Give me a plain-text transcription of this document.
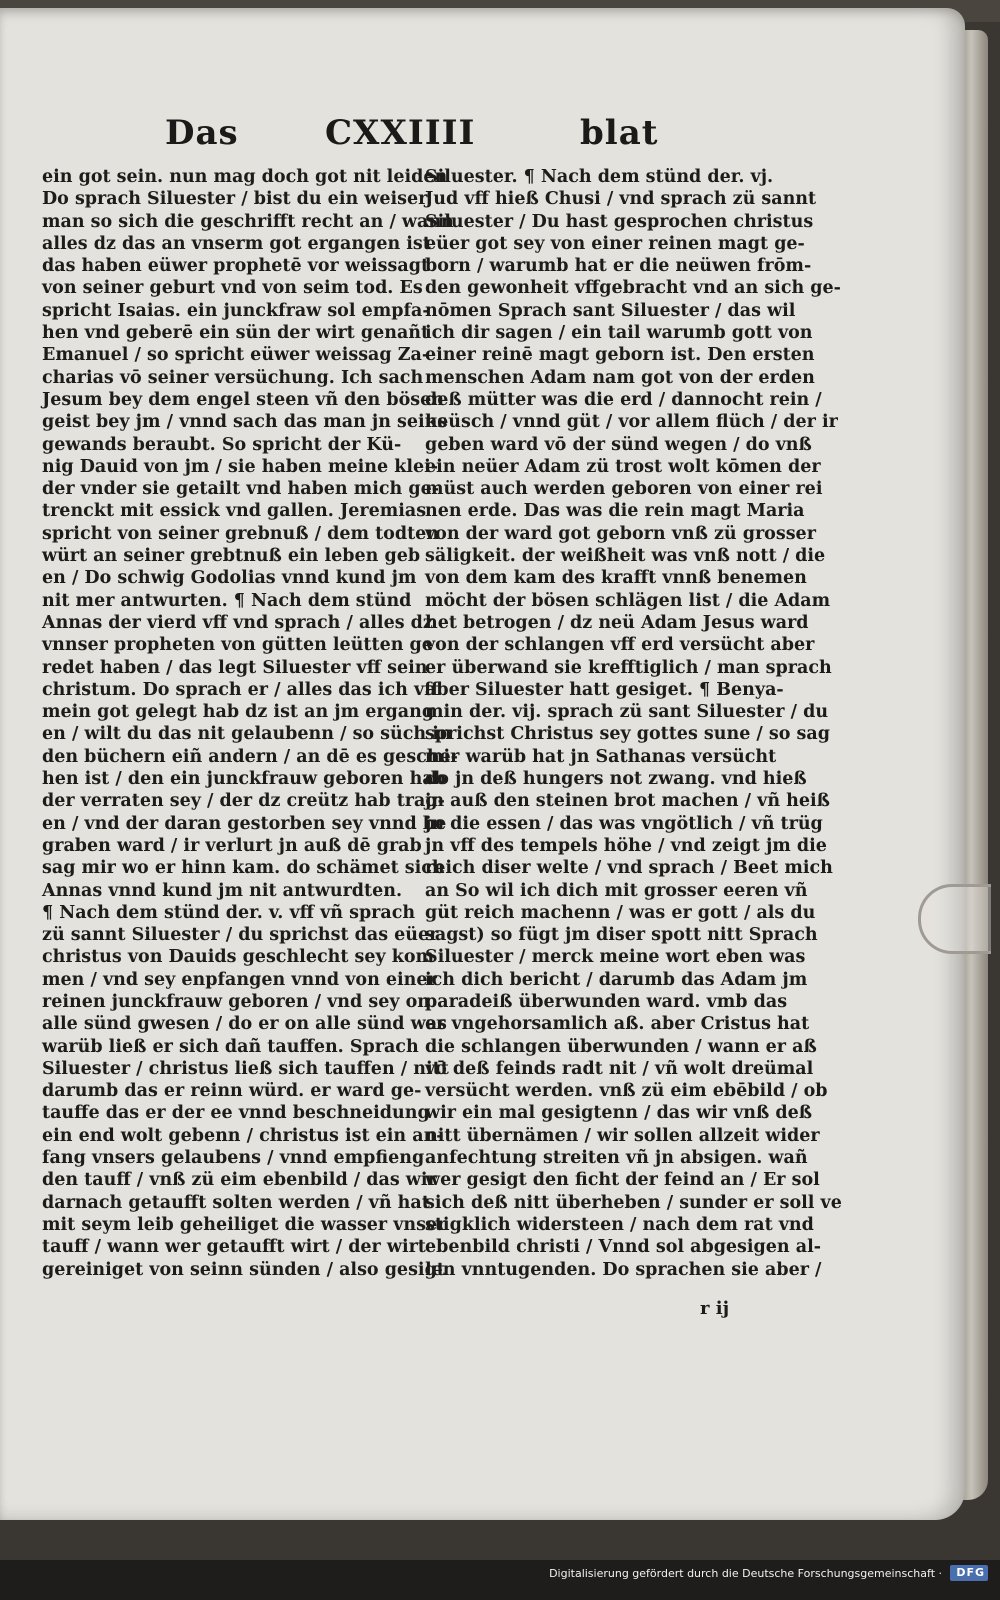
Das	CXXIIII	blat
ein got sein. nun mag doch got nit leiden
Do sprach Siluester / bist du ein weiser
man so sich die geschrifft recht an / wann
alles dz das an vnserm got ergangen ist
das haben eüwer prophetē vor weissagt
von seiner geburt vnd von seim tod. Es
spricht Isaias. ein junckfraw sol empfa-
hen vnd geberē ein sün der wirt genañt
Emanuel / so spricht eüwer weissag Za-
charias vō seiner versüchung. Ich sach
Jesum bey dem engel steen vñ den bösen
geist bey jm / vnnd sach das man jn seins
gewands beraubt. So spricht der Kü-
nig Dauid von jm / sie haben meine klei-
der vnder sie getailt vnd haben mich ge-
trenckt mit essick vnd gallen. Jeremias
spricht von seiner grebnuß / dem todten
würt an seiner grebtnuß ein leben geb
en / Do schwig Godolias vnnd kund jm
nit mer antwurten. ¶ Nach dem stünd
Annas der vierd vff vnd sprach / alles dz
vnnser propheten von gütten leütten ge
redet haben / das legt Siluester vff sein
christum. Do sprach er / alles das ich vff
mein got gelegt hab dz ist an jm ergang
en / wilt du das nit gelaubenn / so süch in
den büchern eiñ andern / an dē es gesche-
hen ist / den ein junckfrauw geboren hab
der verraten sey / der dz creütz hab trag-
en / vnd der daran gestorben sey vnnd be
graben ward / ir verlurt jn auß dē grab
sag mir wo er hinn kam. do schämet sich
Annas vnnd kund jm nit antwurdten.
¶ Nach dem stünd der. v. vff vñ sprach
zü sannt Siluester / du sprichst das eüer
christus von Dauids geschlecht sey kom
men / vnd sey enpfangen vnnd von einer
reinen junckfrauw geboren / vnd sey on
alle sünd gwesen / do er on alle sünd was
warüb ließ er sich dañ tauffen. Sprach
Siluester / christus ließ sich tauffen / nitt
darumb das er reinn würd. er ward ge-
tauffe das er der ee vnnd beschneidung
ein end wolt gebenn / christus ist ein an-
fang vnsers gelaubens / vnnd empfieng
den tauff / vnß zü eim ebenbild / das wir
darnach getaufft solten werden / vñ hat
mit seym leib geheiliget die wasser vnser
tauff / wann wer getaufft wirt / der wirt
gereiniget von seinn sünden / also gesigt
Siluester. ¶ Nach dem stünd der. vj.
Jud vff hieß Chusi / vnd sprach zü sannt
Siluester / Du hast gesprochen christus
eüer got sey von einer reinen magt ge-
born / warumb hat er die neüwen frōm-
den gewonheit vffgebracht vnd an sich ge-
nōmen Sprach sant Siluester / das wil
ich dir sagen / ein tail warumb gott von
einer reinē magt geborn ist. Den ersten
menschen Adam nam got von der erden
deß mütter was die erd / dannocht rein /
keüsch / vnnd güt / vor allem flüch / der ir
geben ward vō der sünd wegen / do vnß
ein neüer Adam zü trost wolt kōmen der
müst auch werden geboren von einer rei
nen erde. Das was die rein magt Maria
von der ward got geborn vnß zü grosser
säligkeit. der weißheit was vnß nott / die
von dem kam des krafft vnnß benemen
möcht der bösen schlägen list / die Adam
het betrogen / dz neü Adam Jesus ward
von der schlangen vff erd versücht aber
er überwand sie krefftiglich / man sprach
aber Siluester hatt gesiget. ¶ Benya-
min der. vij. sprach zü sant Siluester / du
sprichst Christus sey gottes sune / so sag
mir warüb hat jn Sathanas versücht
do jn deß hungers not zwang. vnd hieß
jn auß den steinen brot machen / vñ heiß
jn die essen / das was vngötlich / vñ trüg
jn vff des tempels höhe / vnd zeigt jm die
reich diser welte / vnd sprach / Beet mich
an So wil ich dich mit grosser eeren vñ
güt reich machenn / was er gott / als du
sagst) so fügt jm diser spott nitt Sprach
Siluester / merck meine wort eben was
ich dich bericht / darumb das Adam jm
paradeiß überwunden ward. vmb das
er vngehorsamlich aß. aber Cristus hat
die schlangen überwunden / wann er aß
vō deß feinds radt nit / vñ wolt dreümal
versücht werden. vnß zü eim ebēbild / ob
wir ein mal gesigtenn / das wir vnß deß
nitt übernämen / wir sollen allzeit wider
anfechtung streiten vñ jn absigen. wañ
wer gesigt den ficht der feind an / Er sol
sich deß nitt überheben / sunder er soll ve
stigklich widersteen / nach dem rat vnd
ebenbild christi / Vnnd sol abgesigen al-
len vnntugenden. Do sprachen sie aber /
r ij
Digitalisierung gefördert durch die Deutsche Forschungsgemeinschaft · DFG
